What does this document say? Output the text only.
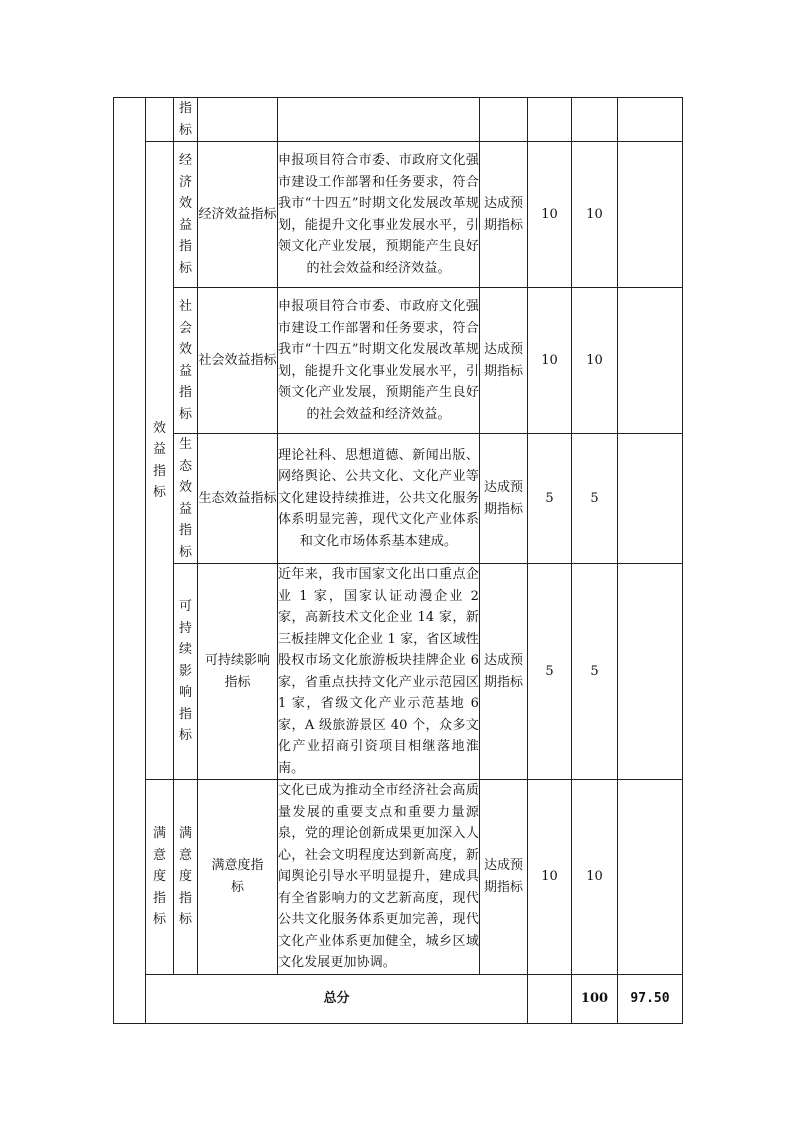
		指标							

	效益指标	经济效益指标	经济效益指标	申报项目符合市委、市政府文化强市建设工作部署和任务要求，符合我市“十四五”时期文化发展改革规划，能提升文化事业发展水平，引领文化产业发展，预期能产生良好的社会效益和经济效益。	达成预期指标	10	10		

		社会效益指标	社会效益指标	申报项目符合市委、市政府文化强市建设工作部署和任务要求，符合我市“十四五”时期文化发展改革规划，能提升文化事业发展水平，引领文化产业发展，预期能产生良好的社会效益和经济效益。	达成预期指标	10	10		

		生态效益指标	生态效益指标	理论社科、思想道德、新闻出版、网络舆论、公共文化、文化产业等文化建设持续推进，公共文化服务体系明显完善，现代文化产业体系和文化市场体系基本建成。	达成预期指标	5	5		

		可持续影响指标	可持续影响指标	近年来，我市国家文化出口重点企业 1 家，国家认证动漫企业 2 家，高新技术文化企业 14 家，新三板挂牌文化企业 1 家，省区域性股权市场文化旅游板块挂牌企业 6 家，省重点扶持文化产业示范园区 1 家，省级文化产业示范基地 6 家，A 级旅游景区 40 个，众多文化产业招商引资项目相继落地淮南。	达成预期指标	5	5		

	满意度指标	满意度指标	满意度指标	文化已成为推动全市经济社会高质量发展的重要支点和重要力量源泉，党的理论创新成果更加深入人心，社会文明程度达到新高度，新闻舆论引导水平明显提升，建成具有全省影响力的文艺新高度，现代公共文化服务体系更加完善，现代文化产业体系更加健全，城乡区域文化发展更加协调。	达成预期指标	10	10		
	总分						100	97.50	
